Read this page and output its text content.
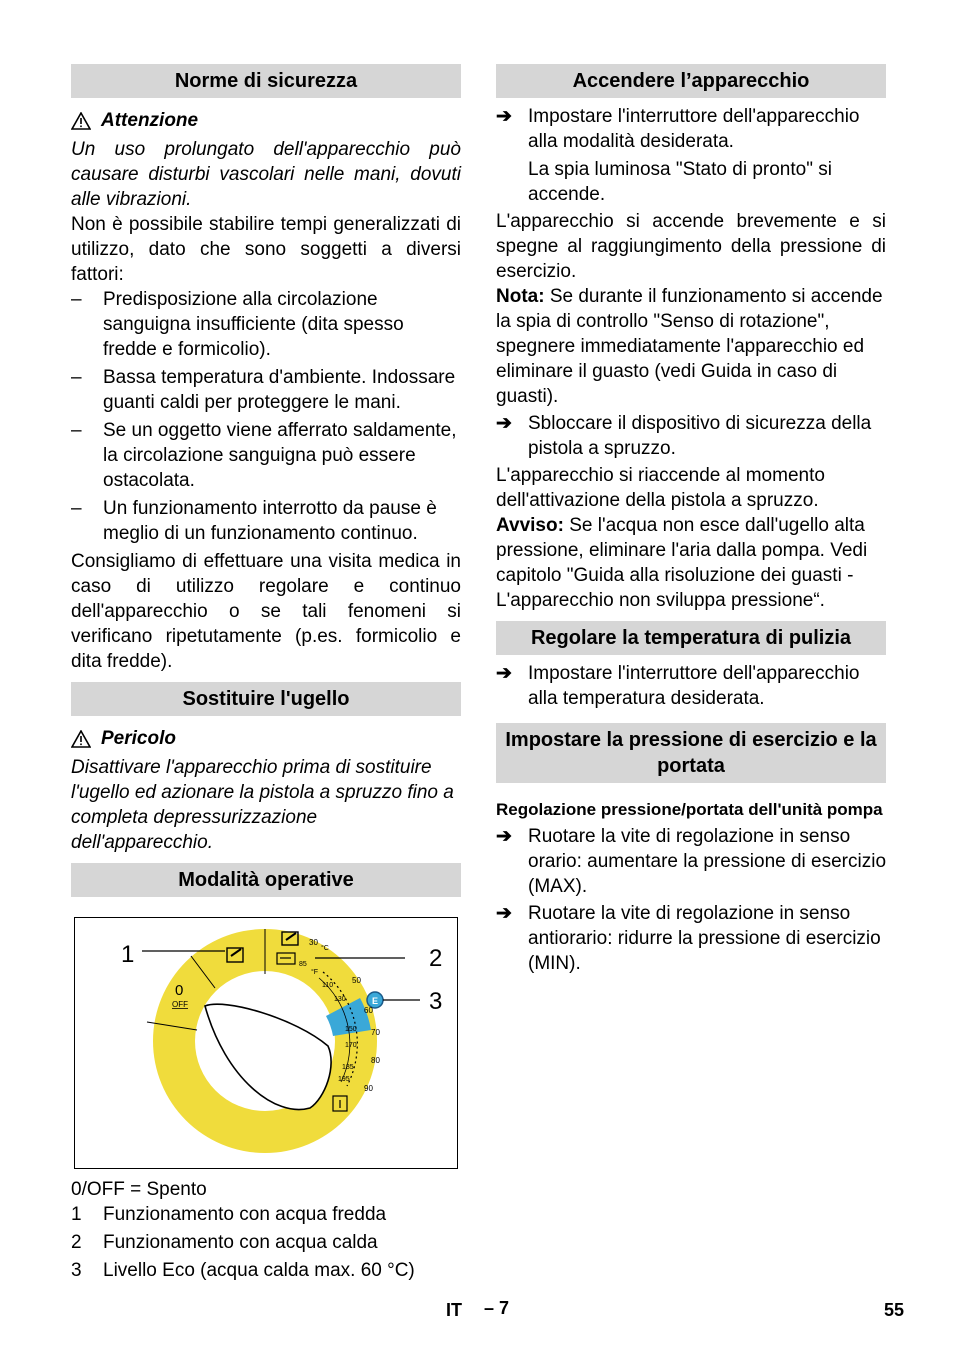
Norme di sicurezza
Attenzione

Un uso prolungato dell'apparecchio può causare disturbi vascolari nelle mani, dovuti alle vibrazioni.

Non è possibile stabilire tempi generalizzati di utilizzo, dato che sono soggetti a diversi fattori:

– Predisposizione alla circolazione sanguigna insufficiente (dita spesso fredde e formicolio).
– Bassa temperatura d'ambiente. Indossare guanti caldi per proteggere le mani.
– Se un oggetto viene afferrato saldamente, la circolazione sanguigna può essere ostacolata.
– Un funzionamento interrotto da pause è meglio di un funzionamento continuo.

Consigliamo di effettuare una visita medica in caso di utilizzo regolare e continuo dell'apparecchio o se tali fenomeni si verificano ripetutamente (p.es. formicolio e dita fredde).

Sostituire l'ugello
Pericolo

Disattivare l'apparecchio prima di sostituire l'ugello ed azionare la pistola a spruzzo fino a completa depressurizzazione dell'apparecchio.

Modalità operative
E
1	2
3
0
OFF
°C
°F
85
110
130
150
170
185
195
30
50
60
70
80
90
0/OFF = Spento
1 Funzionamento con acqua fredda
2 Funzionamento con acqua calda
3 Livello Eco (acqua calda max. 60 °C)
Accendere l’apparecchio
➔ Impostare l'interruttore dell'apparecchio alla modalità desiderata.

La spia luminosa "Stato di pronto" si accende.

L'apparecchio si accende brevemente e si spegne al raggiungimento della pressione di esercizio.

Nota: Se durante il funzionamento si accende la spia di controllo "Senso di rotazione", spegnere immediatamente l'apparecchio ed eliminare il guasto (vedi Guida in caso di guasti).

➔ Sbloccare il dispositivo di sicurezza della pistola a spruzzo.

L'apparecchio si riaccende al momento dell'attivazione della pistola a spruzzo.

Avviso: Se l'acqua non esce dall'ugello alta pressione, eliminare l'aria dalla pompa. Vedi capitolo "Guida alla risoluzione dei guasti - L'apparecchio non sviluppa pressione“.

Regolare la temperatura di pulizia
➔ Impostare l'interruttore dell'apparecchio alla temperatura desiderata.
Impostare la pressione di esercizio e la portata

Regolazione pressione/portata dell'unità pompa

➔ Ruotare la vite di regolazione in senso orario: aumentare la pressione di esercizio (MAX).
➔ Ruotare la vite di regolazione in senso antiorario: ridurre la pressione di esercizio (MIN).
IT – 7	55
